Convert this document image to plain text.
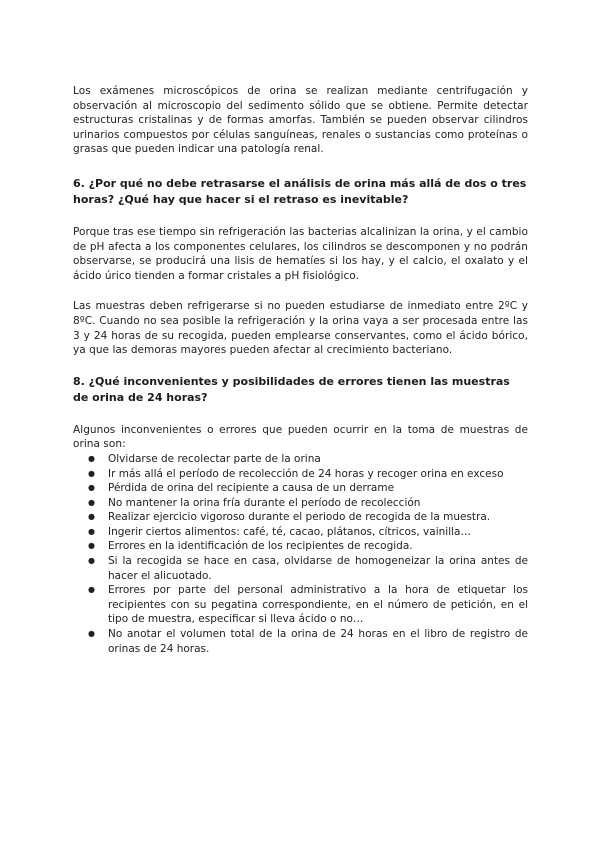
Los exámenes microscópicos de orina se realizan mediante centrifugación y observación al microscopio del sedimento sólido que se obtiene. Permite detectar estructuras cristalinas y de formas amorfas. También se pueden observar cilindros urinarios compuestos por células sanguíneas, renales o sustancias como proteínas o grasas que pueden indicar una patología renal.

6. ¿Por qué no debe retrasarse el análisis de orina más allá de dos o tres horas? ¿Qué hay que hacer si el retraso es inevitable?

Porque tras ese tiempo sin refrigeración las bacterias alcalinizan la orina, y el cambio de pH afecta a los componentes celulares, los cilindros se descomponen y no podrán observarse, se producirá una lisis de hematíes si los hay, y el calcio, el oxalato y el ácido úrico tienden a formar cristales a pH fisiológico.

Las muestras deben refrigerarse si no pueden estudiarse de inmediato entre 2ºC y 8ºC. Cuando no sea posible la refrigeración y la orina vaya a ser procesada entre las 3 y 24 horas de su recogida, pueden emplearse conservantes, como el ácido bórico, ya que las demoras mayores pueden afectar al crecimiento bacteriano.

8. ¿Qué inconvenientes y posibilidades de errores tienen las muestras de orina de 24 horas?

Algunos inconvenientes o errores que pueden ocurrir en la toma de muestras de orina son:

● Olvidarse de recolectar parte de la orina
● Ir más allá el período de recolección de 24 horas y recoger orina en exceso
● Pérdida de orina del recipiente a causa de un derrame
● No mantener la orina fría durante el período de recolección
● Realizar ejercicio vigoroso durante el periodo de recogida de la muestra.
● Ingerir ciertos alimentos: café, té, cacao, plátanos, cítricos, vainilla…
● Errores en la identificación de los recipientes de recogida.
● Si la recogida se hace en casa, olvidarse de homogeneizar la orina antes de hacer el alicuotado.
● Errores por parte del personal administrativo a la hora de etiquetar los recipientes con su pegatina correspondiente, en el número de petición, en el tipo de muestra, especificar si lleva ácido o no…
● No anotar el volumen total de la orina de 24 horas en el libro de registro de orinas de 24 horas.
